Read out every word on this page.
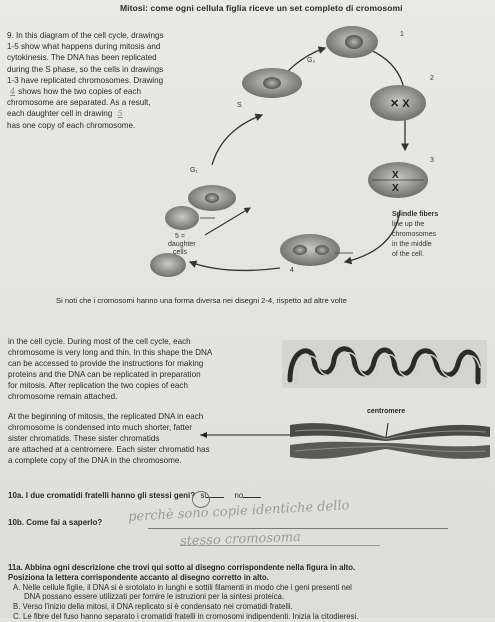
Mitosi: come ogni cellula figlia riceve un set completo di cromosomi
9. In this diagram of the cell cycle, drawings
1-5 show what happens during mitosis and
cytokinesis. The DNA has been replicated
during the S phase, so the cells in drawings
1-3 have replicated chromosomes. Drawing
4 shows how the two copies of each
chromosome are separated. As a result,
each daughter cell in drawing 5
has one copy of each chromosome.
✕ X
X
X
G₂
1
2
3
4
S
G₁
5 =
daughter
cells
Spindle fibers
line up the
chromosomes
in the middle
of the cell.
Si noti che i cromosomi hanno una forma diversa nei disegni 2-4, rispetto ad altre volte
in the cell cycle. During most of the cell cycle, each
chromosome is very long and thin. In this shape the DNA
can be accessed to provide the instructions for making
proteins and the DNA can be replicated in preparation
for mitosis. After replication the two copies of each
chromosome remain attached.
At the beginning of mitosis, the replicated DNA in each
chromosome is condensed into much shorter, fatter
sister chromatids. These sister chromatids
are attached at a centromere. Each sister chromatid has
a complete copy of the DNA in the chromosome.
centromere
10a. I due cromatidi fratelli hanno gli stessi geni? si	no
perchè sono copie identiche dello
10b. Come fai a saperlo?
stesso cromosoma
11a. Abbina ogni descrizione che trovi qui sotto al disegno corrispondente nella figura in alto.
Posiziona la lettera corrispondente accanto al disegno corretto in alto.
A. Nelle cellule figlie, il DNA si è srotolato in lunghi e sottili filamenti in modo che i geni presenti nel
DNA possano essere utilizzati per fornire le istruzioni per la sintesi proteica.
B. Verso l'inizio della mitosi, il DNA replicato si è condensato nei cromatidi fratelli.
C. Le fibre del fuso hanno separato i cromatidi fratelli in cromosomi indipendenti. Inizia la citodieresi.
